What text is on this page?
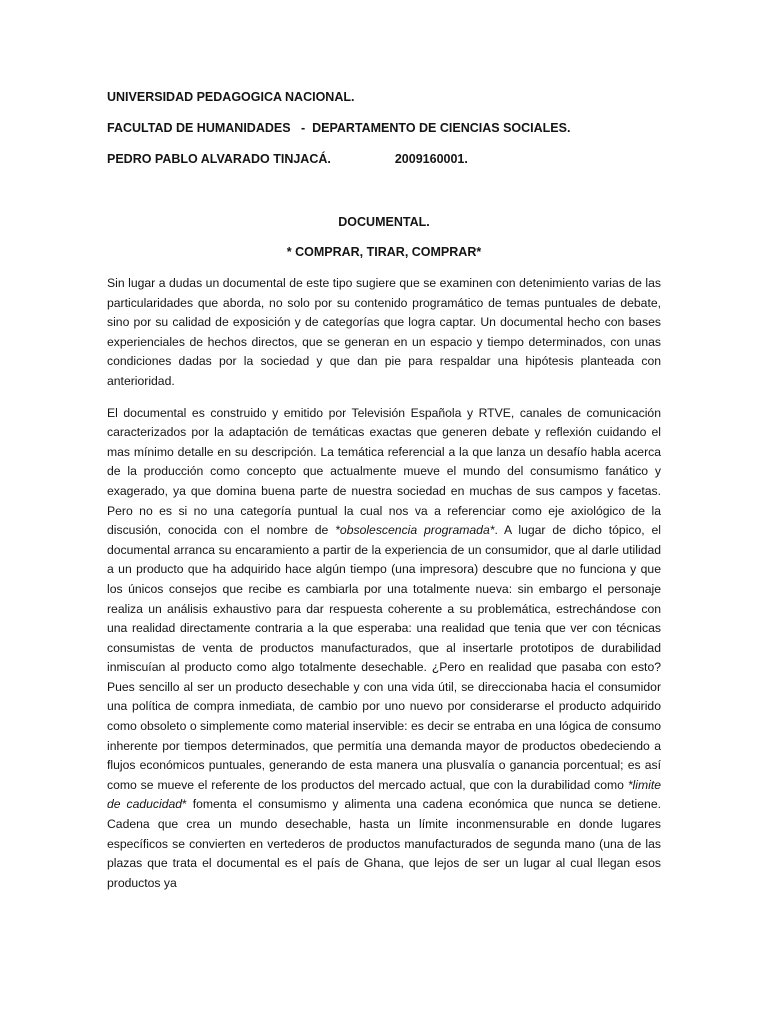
UNIVERSIDAD PEDAGOGICA NACIONAL.

FACULTAD DE HUMANIDADES   -  DEPARTAMENTO DE CIENCIAS SOCIALES.

PEDRO PABLO ALVARADO TINJACÁ.	2009160001.

DOCUMENTAL.

* COMPRAR, TIRAR, COMPRAR*

Sin lugar a dudas un documental de este tipo sugiere que se examinen con detenimiento varias de las particularidades que aborda, no solo por su contenido programático de temas puntuales de debate, sino por su calidad de exposición y de categorías que logra captar. Un documental hecho con bases experienciales de hechos directos, que se generan en un espacio y tiempo determinados, con unas condiciones dadas por la sociedad y que dan pie para respaldar una hipótesis planteada con anterioridad.

El documental es construido y emitido por Televisión Española y RTVE, canales de comunicación caracterizados por la adaptación de temáticas exactas que generen debate y reflexión cuidando el mas mínimo detalle en su descripción. La temática referencial a la que lanza un desafío habla acerca de la producción como concepto que actualmente mueve el mundo del consumismo fanático y exagerado, ya que domina buena parte de nuestra sociedad en muchas de sus campos y facetas. Pero no es si no una categoría puntual la cual nos va a referenciar como eje axiológico de la discusión, conocida con el nombre de *obsolescencia programada*. A lugar de dicho tópico, el documental arranca su encaramiento a partir de la experiencia de un consumidor, que al darle utilidad a un producto que ha adquirido hace algún tiempo (una impresora) descubre que no funciona y que los únicos consejos que recibe es cambiarla por una totalmente nueva: sin embargo el personaje realiza un análisis exhaustivo para dar respuesta coherente a su problemática, estrechándose con una realidad directamente contraria a la que esperaba: una realidad que tenia que ver con técnicas consumistas de venta de productos manufacturados, que al insertarle prototipos de durabilidad inmiscuían al producto como algo totalmente desechable. ¿Pero en realidad que pasaba con esto? Pues sencillo al ser un producto desechable y con una vida útil, se direccionaba hacia el consumidor una política de compra inmediata, de cambio por uno nuevo por considerarse el producto adquirido como obsoleto o simplemente como material inservible: es decir se entraba en una lógica de consumo inherente por tiempos determinados, que permitía una demanda mayor de productos obedeciendo a flujos económicos puntuales, generando de esta manera una plusvalía o ganancia porcentual; es así como se mueve el referente de los productos del mercado actual, que con la durabilidad como *limite de caducidad* fomenta el consumismo y alimenta una cadena económica que nunca se detiene. Cadena que crea un mundo desechable, hasta un límite inconmensurable en donde lugares específicos se convierten en vertederos de productos manufacturados de segunda mano (una de las plazas que trata el documental es el país de Ghana, que lejos de ser un lugar al cual llegan esos productos ya
